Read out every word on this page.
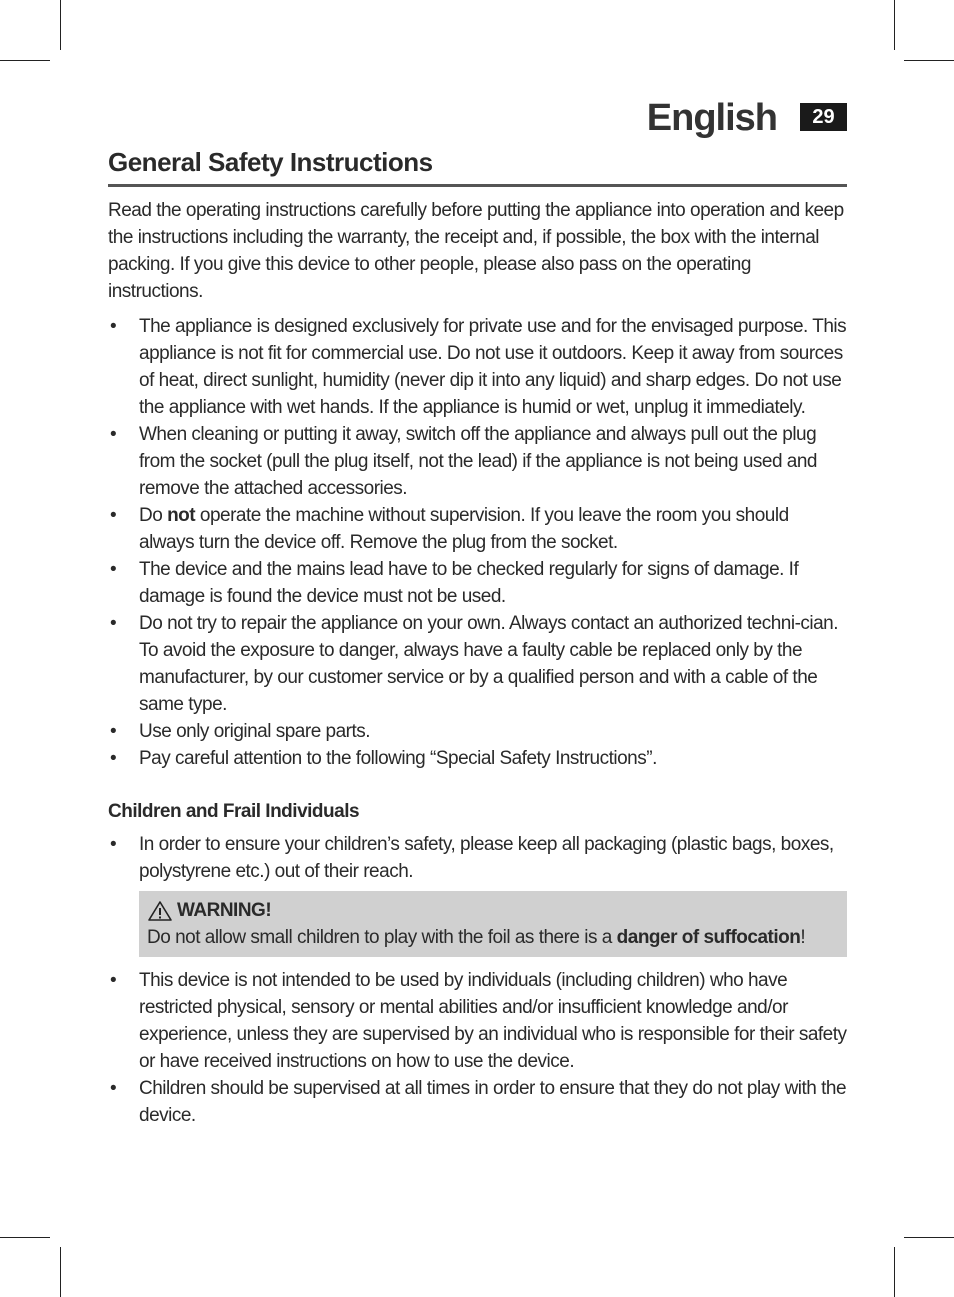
English	29
General Safety Instructions

Read the operating instructions carefully before putting the appliance into operation and keep the instructions including the warranty, the receipt and, if possible, the box with the internal packing. If you give this device to other people, please also pass on the operating instructions.

• The appliance is designed exclusively for private use and for the envisaged purpose. This appliance is not fit for commercial use. Do not use it outdoors. Keep it away from sources of heat, direct sunlight, humidity (never dip it into any liquid) and sharp edges. Do not use the appliance with wet hands. If the appliance is humid or wet, unplug it immediately.
• When cleaning or putting it away, switch off the appliance and always pull out the plug from the socket (pull the plug itself, not the lead) if the appliance is not being used and remove the attached accessories.
• Do not operate the machine without supervision. If you leave the room you should always turn the device off. Remove the plug from the socket.
• The device and the mains lead have to be checked regularly for signs of damage. If damage is found the device must not be used.
• Do not try to repair the appliance on your own. Always contact an authorized techni-cian. To avoid the exposure to danger, always have a faulty cable be replaced only by the manufacturer, by our customer service or by a qualified person and with a cable of the same type.
• Use only original spare parts.
• Pay careful attention to the following “Special Safety Instructions”.
Children and Frail Individuals
• In order to ensure your children’s safety, please keep all packaging (plastic bags, boxes, polystyrene etc.) out of their reach.
WARNING!
Do not allow small children to play with the foil as there is a danger of suffocation!
• This device is not intended to be used by individuals (including children) who have restricted physical, sensory or mental abilities and/or insufficient knowledge and/or experience, unless they are supervised by an individual who is responsible for their safety or have received instructions on how to use the device.
• Children should be supervised at all times in order to ensure that they do not play with the device.
